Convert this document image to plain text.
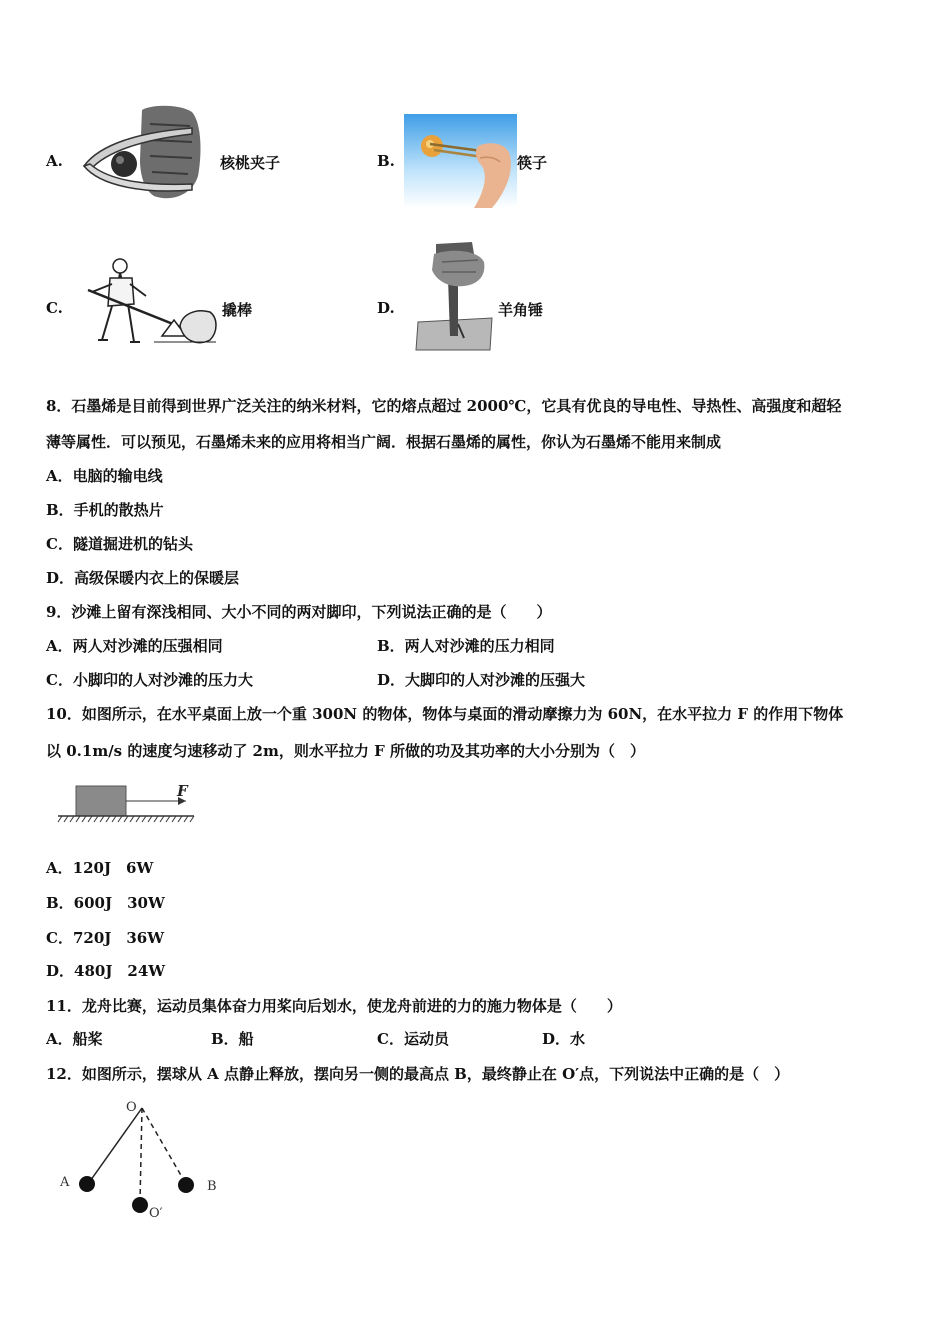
A.	核桃夹子	B.	筷子
C.	撬棒	D.	羊角锤
8．石墨烯是目前得到世界广泛关注的纳米材料，它的熔点超过 2000℃，它具有优良的导电性、导热性、高强度和超轻
薄等属性．可以预见，石墨烯未来的应用将相当广阔．根据石墨烯的属性，你认为石墨烯不能用来制成
A．电脑的输电线
B．手机的散热片
C．隧道掘进机的钻头
D．高级保暖内衣上的保暖层
9．沙滩上留有深浅相同、大小不同的两对脚印，下列说法正确的是（　　）
A．两人对沙滩的压强相同	B．两人对沙滩的压力相同
C．小脚印的人对沙滩的压力大	D．大脚印的人对沙滩的压强大
10．如图所示，在水平桌面上放一个重 300N 的物体，物体与桌面的滑动摩擦力为 60N，在水平拉力 F 的作用下物体
以 0.1m/s 的速度匀速移动了 2m，则水平拉力 F 所做的功及其功率的大小分别为（　）
F
A．120J　6W
B．600J　30W
C．720J　36W
D．480J　24W
11．龙舟比赛，运动员集体奋力用桨向后划水，使龙舟前进的力的施力物体是（　　）
A．船桨	B．船	C．运动员	D．水
12．如图所示，摆球从 A 点静止释放，摆向另一侧的最高点 B，最终静止在 O′点，下列说法中正确的是（　）
O
A	B
O′
